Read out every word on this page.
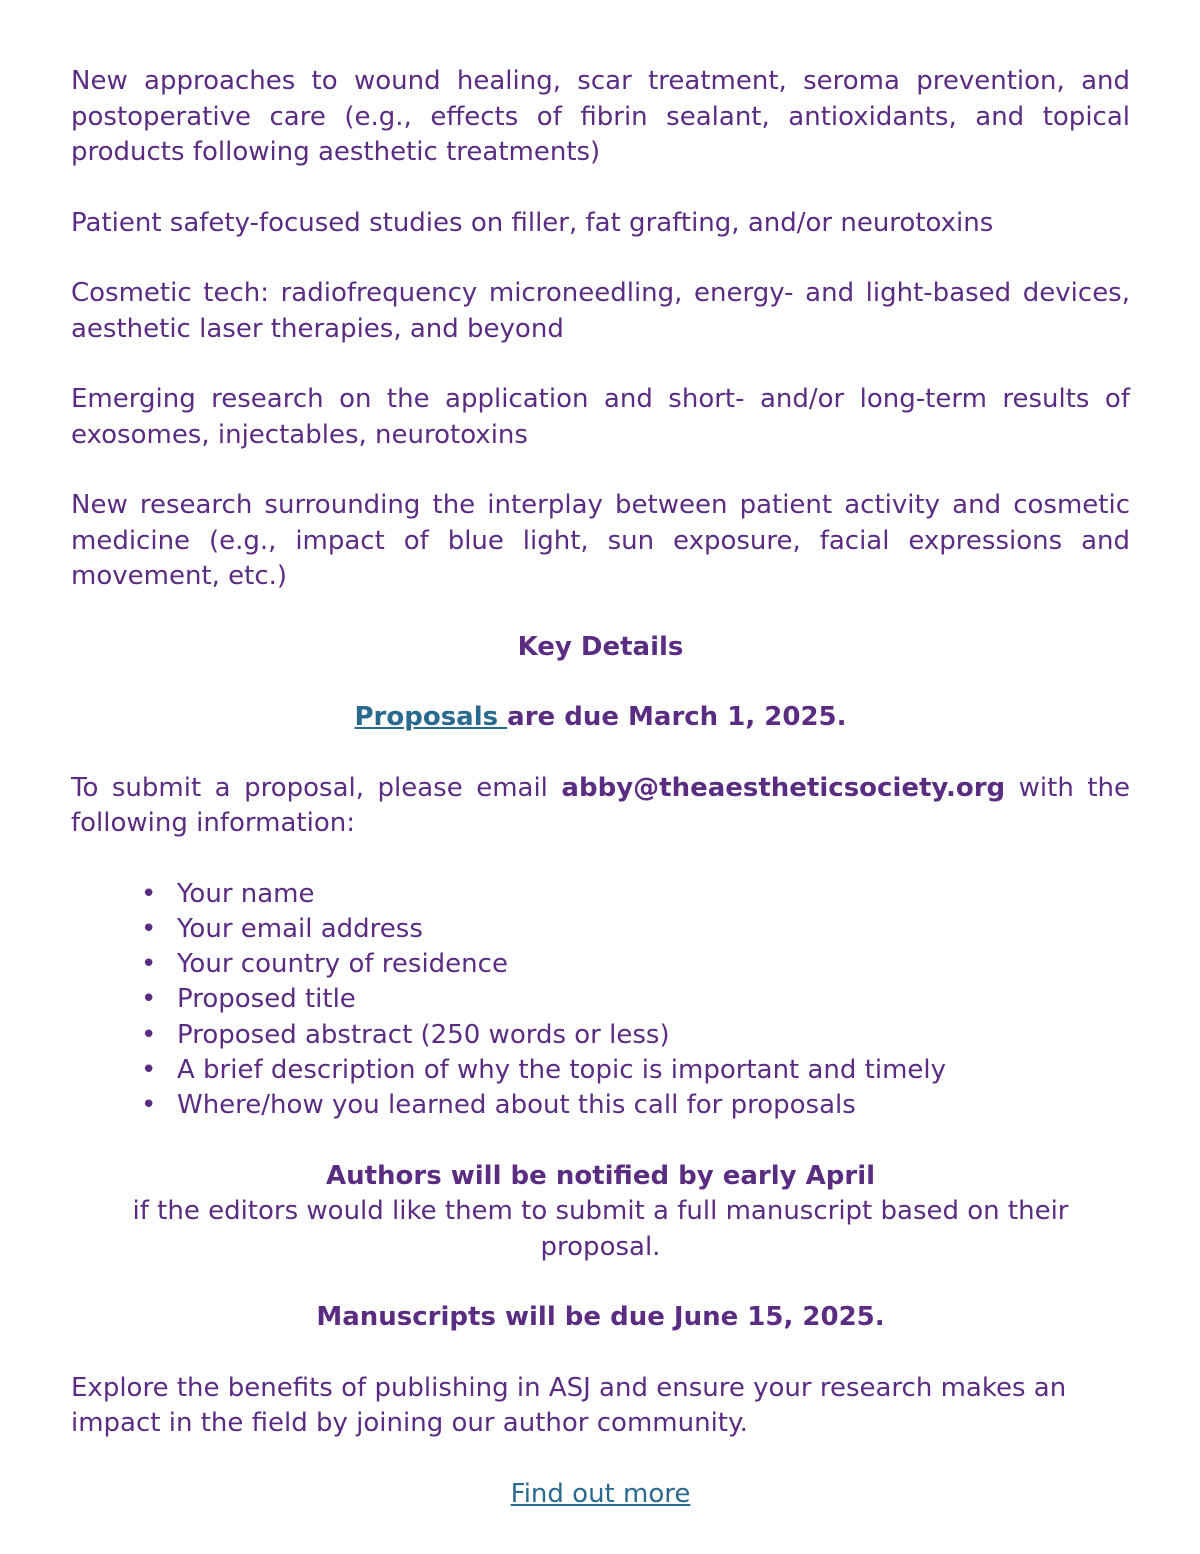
New approaches to wound healing, scar treatment, seroma prevention, and postoperative care (e.g., effects of fibrin sealant, antioxidants, and topical products following aesthetic treatments)

Patient safety-focused studies on filler, fat grafting, and/or neurotoxins

Cosmetic tech: radiofrequency microneedling, energy- and light-based devices, aesthetic laser therapies, and beyond

Emerging research on the application and short- and/or long-term results of exosomes, injectables, neurotoxins

New research surrounding the interplay between patient activity and cosmetic medicine (e.g., impact of blue light, sun exposure, facial expressions and movement, etc.)

Key Details

Proposals are due March 1, 2025.

To submit a proposal, please email abby@theaestheticsociety.org with the following information:

• Your name
• Your email address
• Your country of residence
• Proposed title
• Proposed abstract (250 words or less)
• A brief description of why the topic is important and timely
• Where/how you learned about this call for proposals

Authors will be notified by early April

if the editors would like them to submit a full manuscript based on their proposal.

Manuscripts will be due June 15, 2025.

Explore the benefits of publishing in ASJ and ensure your research makes an impact in the field by joining our author community.

Find out more
